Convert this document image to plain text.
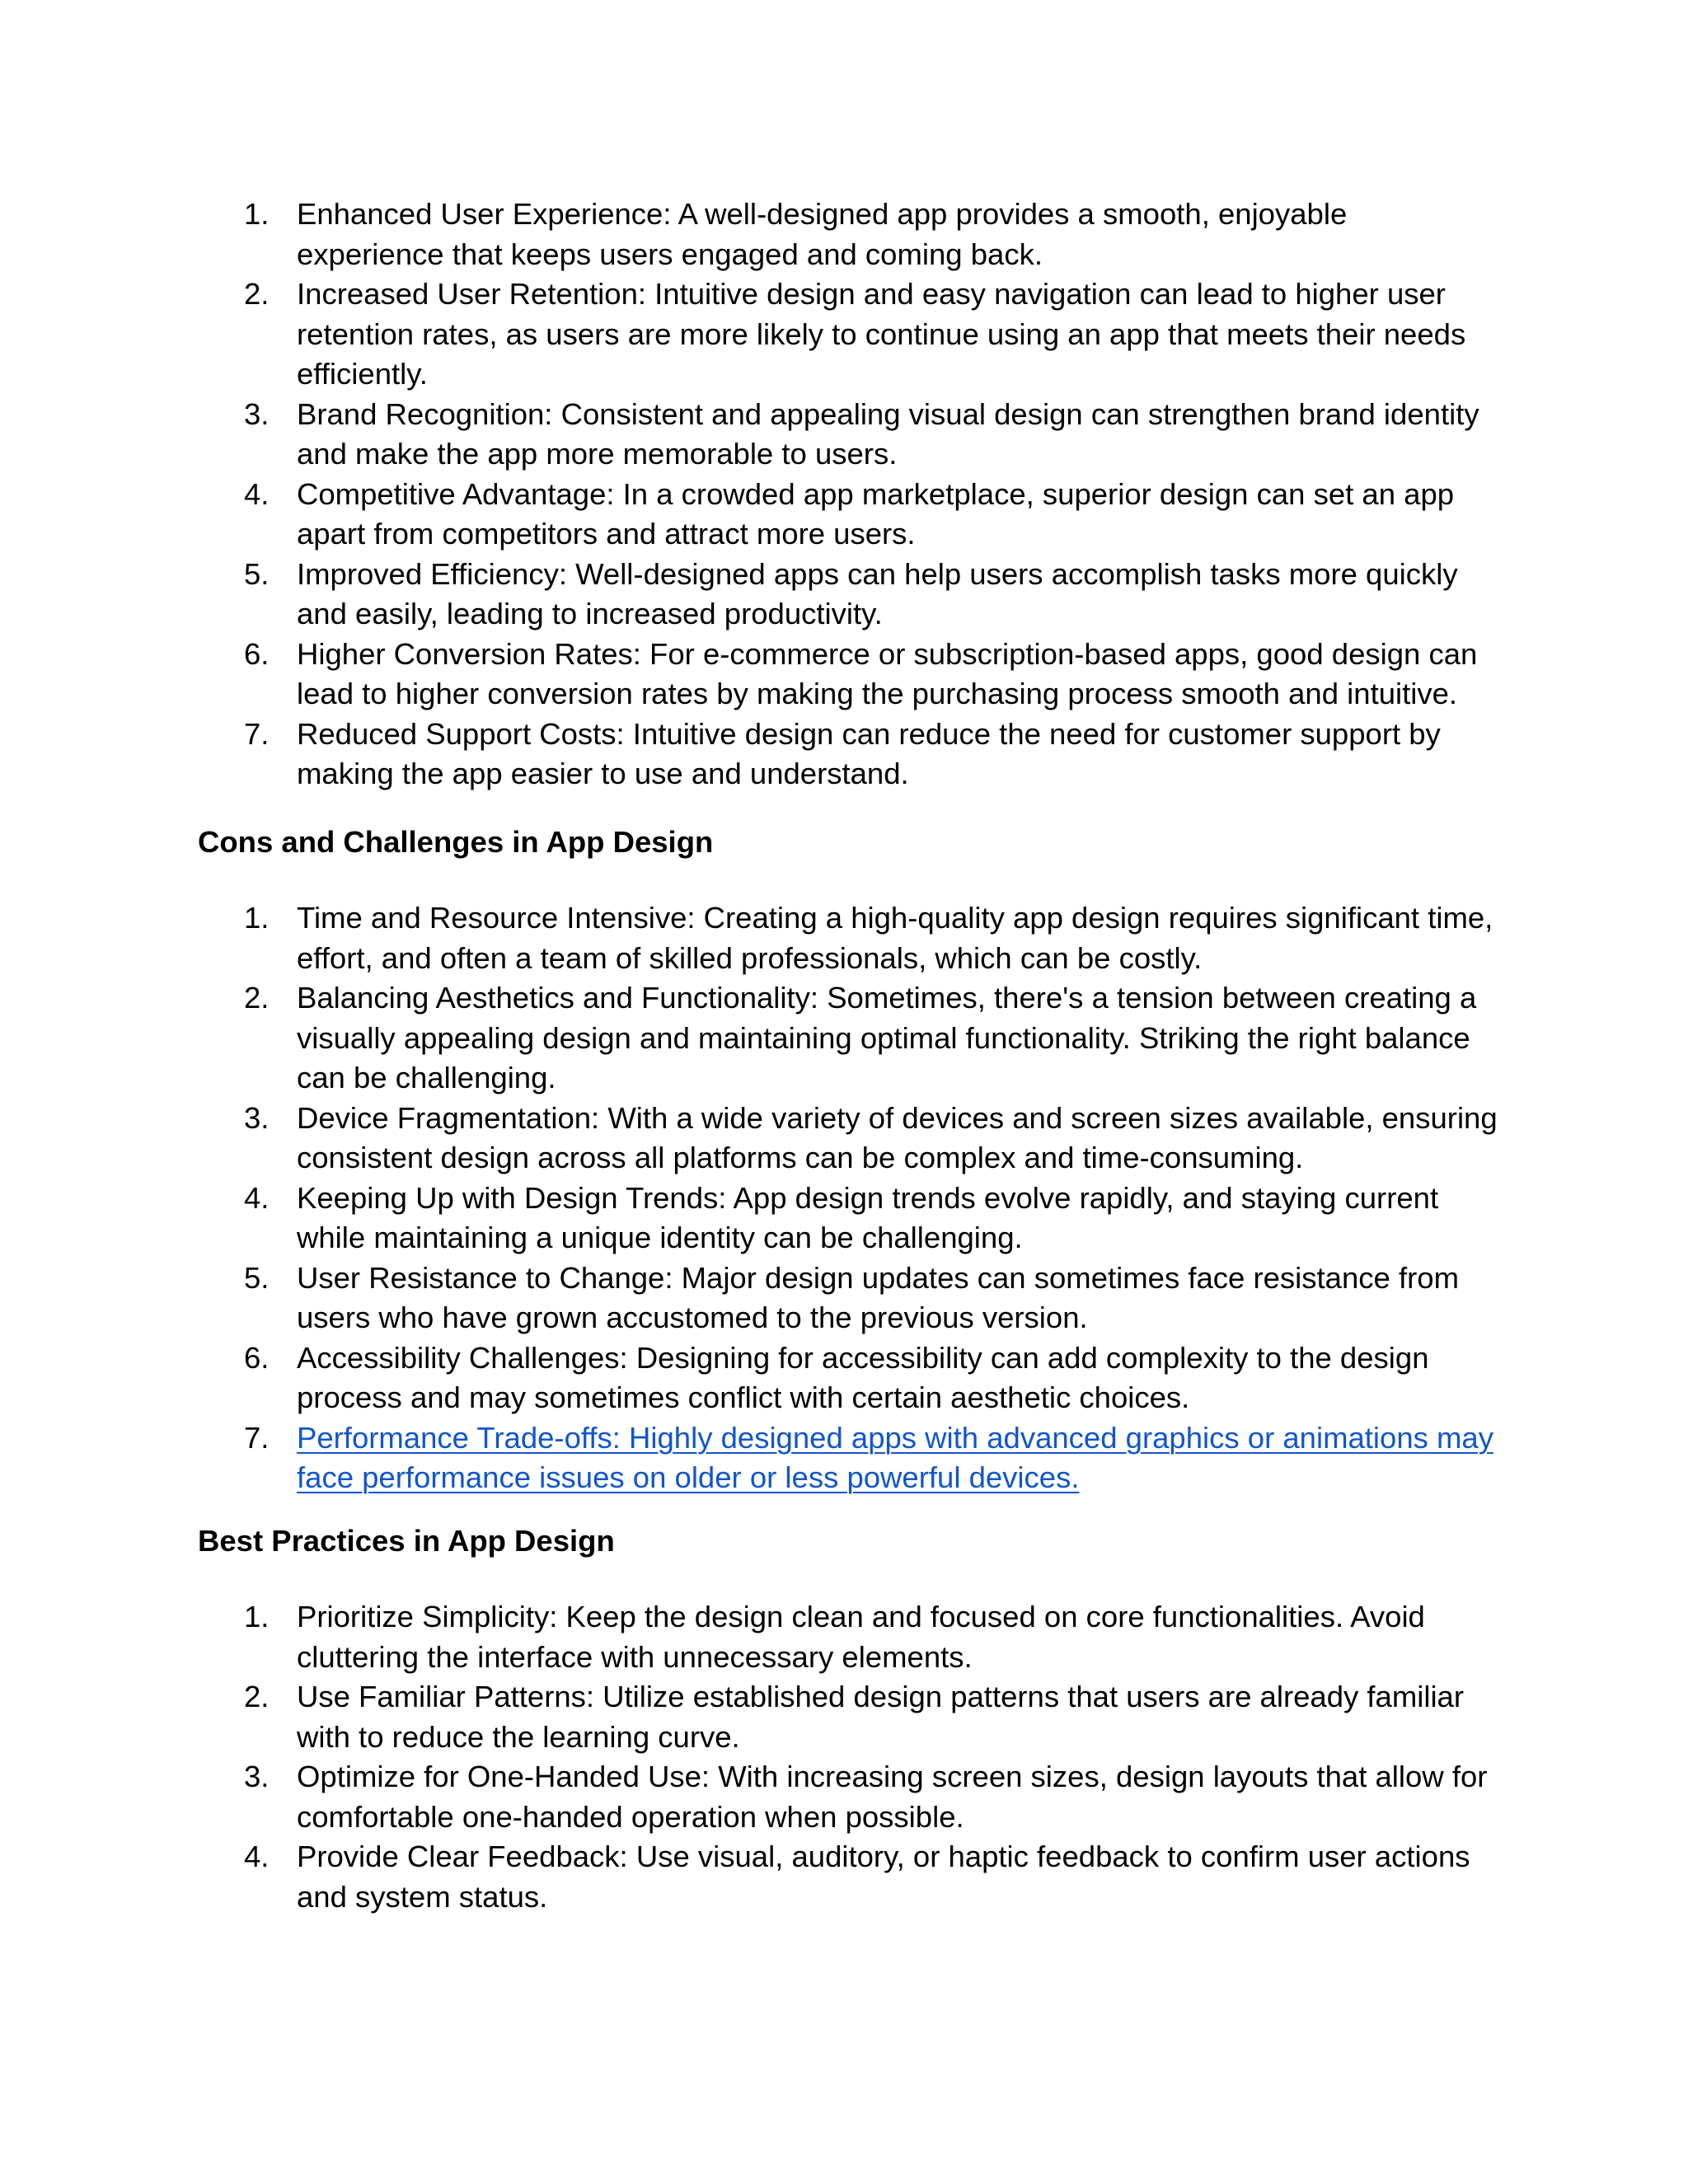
1. Enhanced User Experience: A well-designed app provides a smooth, enjoyable experience that keeps users engaged and coming back.
2. Increased User Retention: Intuitive design and easy navigation can lead to higher user retention rates, as users are more likely to continue using an app that meets their needs efficiently.
3. Brand Recognition: Consistent and appealing visual design can strengthen brand identity and make the app more memorable to users.
4. Competitive Advantage: In a crowded app marketplace, superior design can set an app apart from competitors and attract more users.
5. Improved Efficiency: Well-designed apps can help users accomplish tasks more quickly and easily, leading to increased productivity.
6. Higher Conversion Rates: For e-commerce or subscription-based apps, good design can lead to higher conversion rates by making the purchasing process smooth and intuitive.
7. Reduced Support Costs: Intuitive design can reduce the need for customer support by making the app easier to use and understand.
Cons and Challenges in App Design
1. Time and Resource Intensive: Creating a high-quality app design requires significant time, effort, and often a team of skilled professionals, which can be costly.
2. Balancing Aesthetics and Functionality: Sometimes, there's a tension between creating a visually appealing design and maintaining optimal functionality. Striking the right balance can be challenging.
3. Device Fragmentation: With a wide variety of devices and screen sizes available, ensuring consistent design across all platforms can be complex and time-consuming.
4. Keeping Up with Design Trends: App design trends evolve rapidly, and staying current while maintaining a unique identity can be challenging.
5. User Resistance to Change: Major design updates can sometimes face resistance from users who have grown accustomed to the previous version.
6. Accessibility Challenges: Designing for accessibility can add complexity to the design process and may sometimes conflict with certain aesthetic choices.
7. Performance Trade-offs: Highly designed apps with advanced graphics or animations may face performance issues on older or less powerful devices.
Best Practices in App Design
1. Prioritize Simplicity: Keep the design clean and focused on core functionalities. Avoid cluttering the interface with unnecessary elements.
2. Use Familiar Patterns: Utilize established design patterns that users are already familiar with to reduce the learning curve.
3. Optimize for One-Handed Use: With increasing screen sizes, design layouts that allow for comfortable one-handed operation when possible.
4. Provide Clear Feedback: Use visual, auditory, or haptic feedback to confirm user actions and system status.
